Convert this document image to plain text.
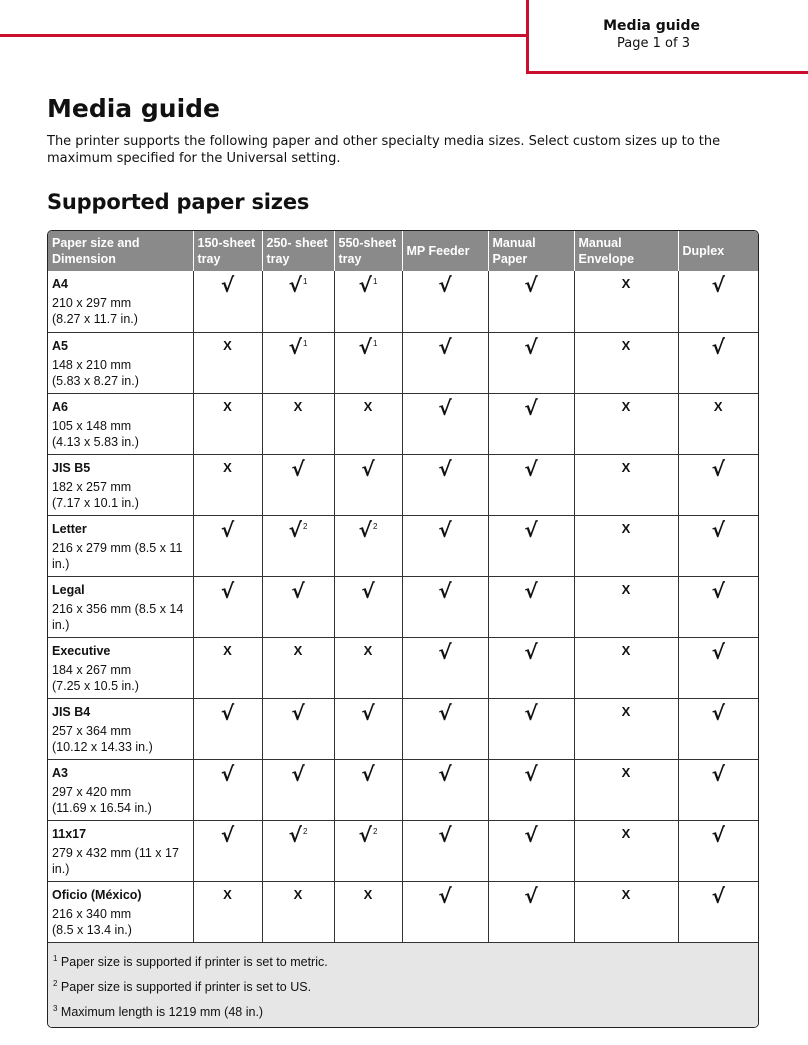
Media guide
Page 1 of 3
Media guide

The printer supports the following paper and other specialty media sizes. Select custom sizes up to the maximum specified for the Universal setting.

Supported paper sizes
Paper size and Dimension	150-sheet tray	250- sheet tray	550-sheet tray	MP Feeder	Manual Paper	Manual Envelope	Duplex

A4
210 x 297 mm
(8.27 x 11.7 in.)	√	√$^1$	√$^1$	√	√	X	√

A5
148 x 210 mm
(5.83 x 8.27 in.)	X	√$^1$	√$^1$	√	√	X	√

A6
105 x 148 mm
(4.13 x 5.83 in.)	X	X	X	√	√	X	X

JIS B5
182 x 257 mm
(7.17 x 10.1 in.)	X	√	√	√	√	X	√

Letter
216 x 279 mm (8.5 x 11 in.)	√	√$^2$	√$^2$	√	√	X	√

Legal
216 x 356 mm (8.5 x 14 in.)	√	√	√	√	√	X	√

Executive
184 x 267 mm
(7.25 x 10.5 in.)	X	X	X	√	√	X	√

JIS B4
257 x 364 mm
(10.12 x 14.33 in.)	√	√	√	√	√	X	√

A3
297 x 420 mm
(11.69 x 16.54 in.)	√	√	√	√	√	X	√

11x17
279 x 432 mm (11 x 17 in.)	√	√$^2$	√$^2$	√	√	X	√

Oficio (México)
216 x 340 mm
(8.5 x 13.4 in.)	X	X	X	√	√	X	√
$^1$ Paper size is supported if printer is set to metric.
$^2$ Paper size is supported if printer is set to US.
$^3$ Maximum length is 1219 mm (48 in.)
